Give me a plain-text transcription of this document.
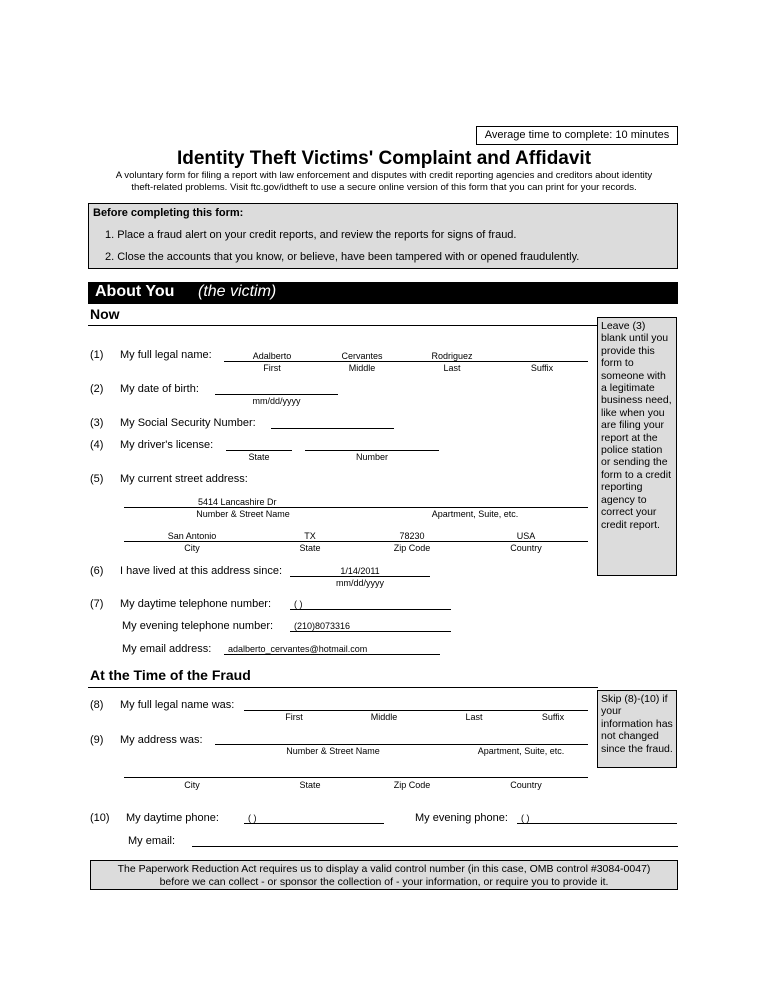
Average time to complete: 10 minutes
Identity Theft Victims' Complaint and Affidavit
A voluntary form for filing a report with law enforcement and disputes with credit reporting agencies and creditors about identity
theft-related problems. Visit ftc.gov/idtheft to use a secure online version of this form that you can print for your records.
Before completing this form:
1. Place a fraud alert on your credit reports, and review the reports for signs of fraud.
2. Close the accounts that you know, or believe, have been tampered with or opened fraudulently.
About You (the victim)
Now
Leave (3) blank until you provide this form to someone with a legitimate business need, like when you are filing your report at the police station or sending the form to a credit reporting agency to correct your credit report.
(1) My full legal name:	Adalberto	Cervantes	Rodriguez
First	Middle	Last	Suffix
(2) My date of birth:
mm/dd/yyyy
(3) My Social Security Number:
(4) My driver's license:
State	Number
(5) My current street address:
5414 Lancashire Dr
Number & Street Name	Apartment, Suite, etc.
San Antonio	TX	78230	USA
City	State	Zip Code	Country
(6) I have lived at this address since:	1/14/2011
mm/dd/yyyy
(7) My daytime telephone number:	( )
My evening telephone number: (210)8073316
My email address: adalberto_cervantes@hotmail.com
At the Time of the Fraud
Skip (8)-(10) if your information has not changed since the fraud.
(8) My full legal name was:
First	Middle	Last	Suffix
(9) My address was:
Number & Street Name	Apartment, Suite, etc.
City	State	Zip Code	Country
(10) My daytime phone:	( )	My evening phone: ( )
My email:
The Paperwork Reduction Act requires us to display a valid control number (in this case, OMB control #3084-0047)
before we can collect - or sponsor the collection of - your information, or require you to provide it.
